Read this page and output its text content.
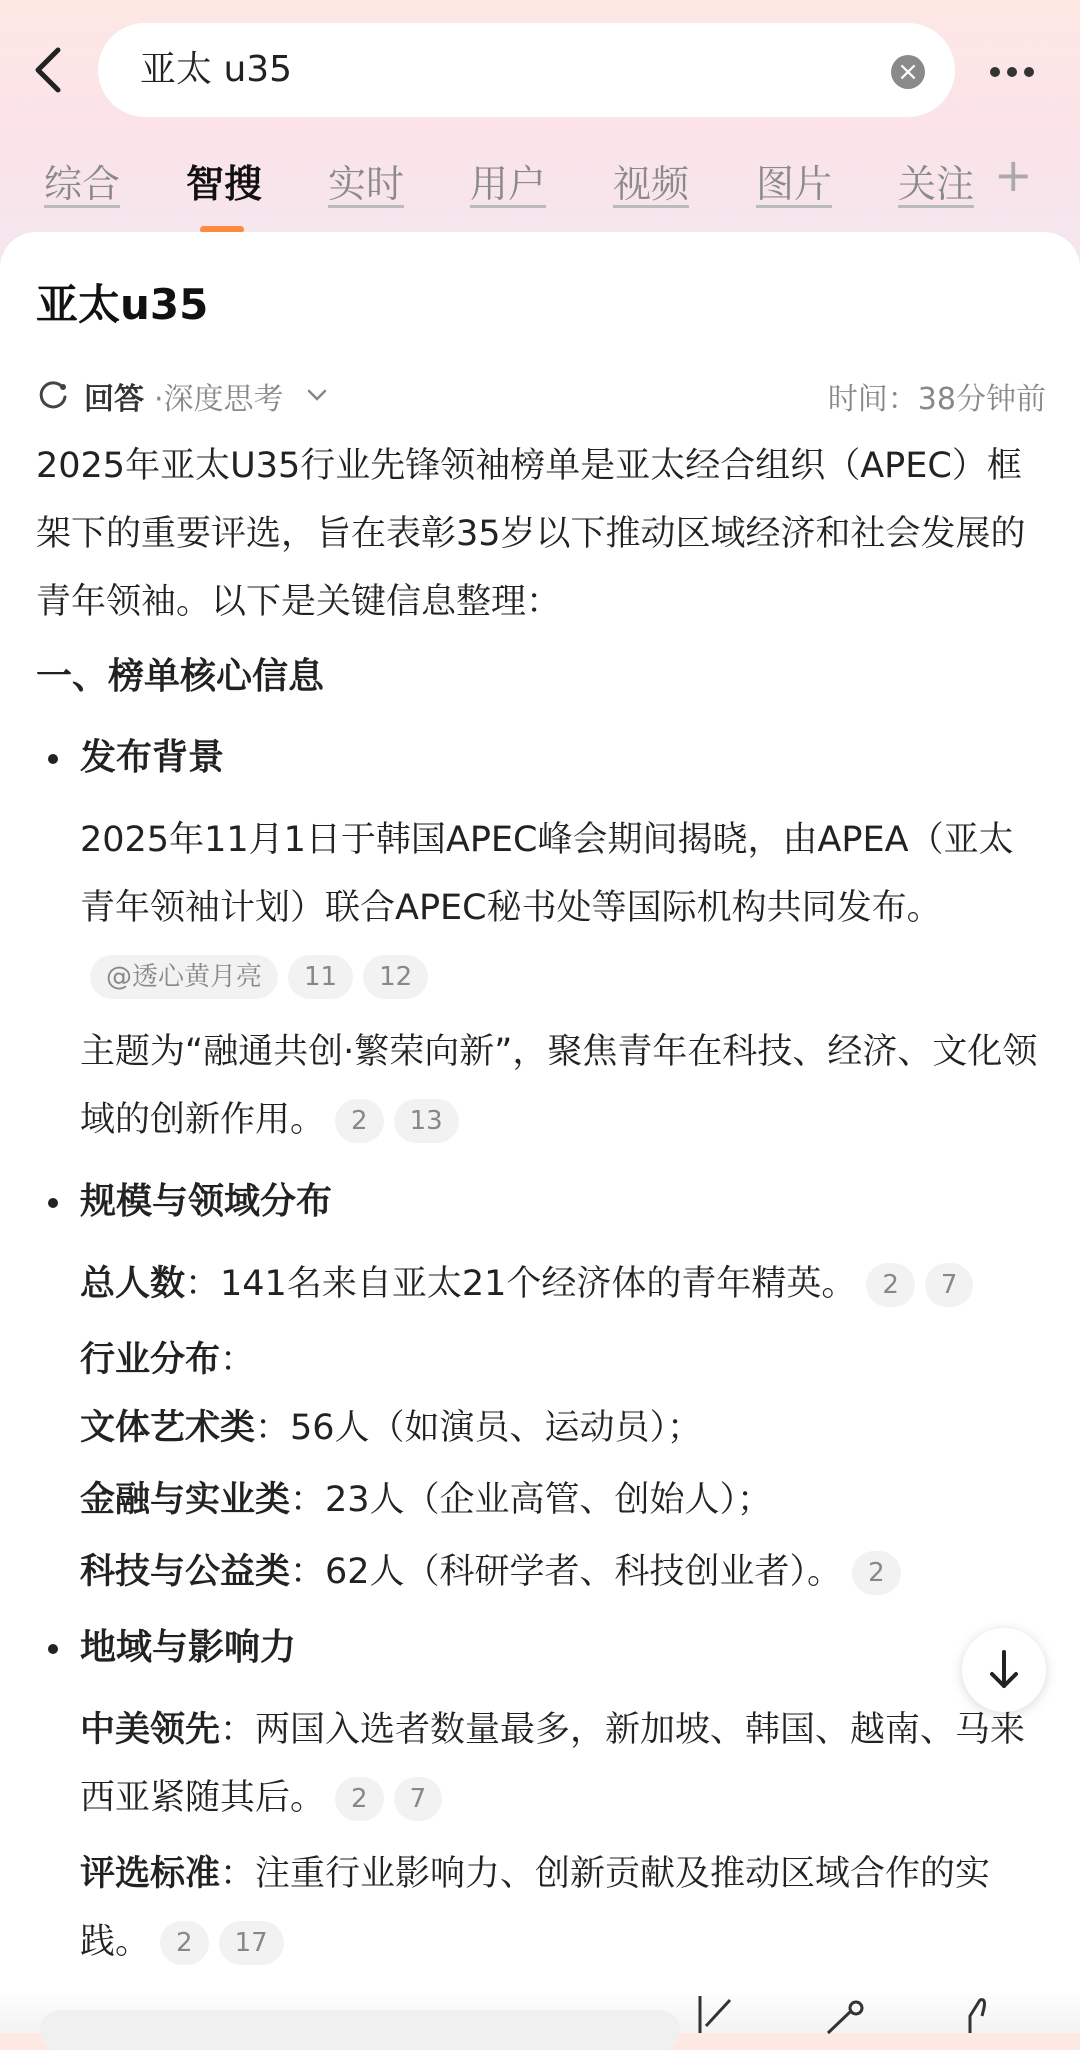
亚太 u35	×
综合 智搜 实时 用户 视频 图片 关注 +
亚太u35
回答 ·深度思考	时间：38分钟前

2025年亚太U35行业先锋领袖榜单是亚太经合组织（APEC）框架下的重要评选，旨在表彰35岁以下推动区域经济和社会发展的青年领袖。以下是关键信息整理：

一、榜单核心信息
发布背景
2025年11月1日于韩国APEC峰会期间揭晓，由APEA（亚太青年领袖计划）联合APEC秘书处等国际机构共同发布。@透心黄月亮 11 12
主题为“融通共创·繁荣向新”，聚焦青年在科技、经济、文化领域的创新作用。 2 13
规模与领域分布
总人数：141名来自亚太21个经济体的青年精英。 2 7
行业分布：
文体艺术类：56人（如演员、运动员）；
金融与实业类：23人（企业高管、创始人）；
科技与公益类：62人（科研学者、科技创业者）。 2
地域与影响力
中美领先：两国入选者数量最多，新加坡、韩国、越南、马来西亚紧随其后。 2 7
评选标准：注重行业影响力、创新贡献及推动区域合作的实践。 2 17
